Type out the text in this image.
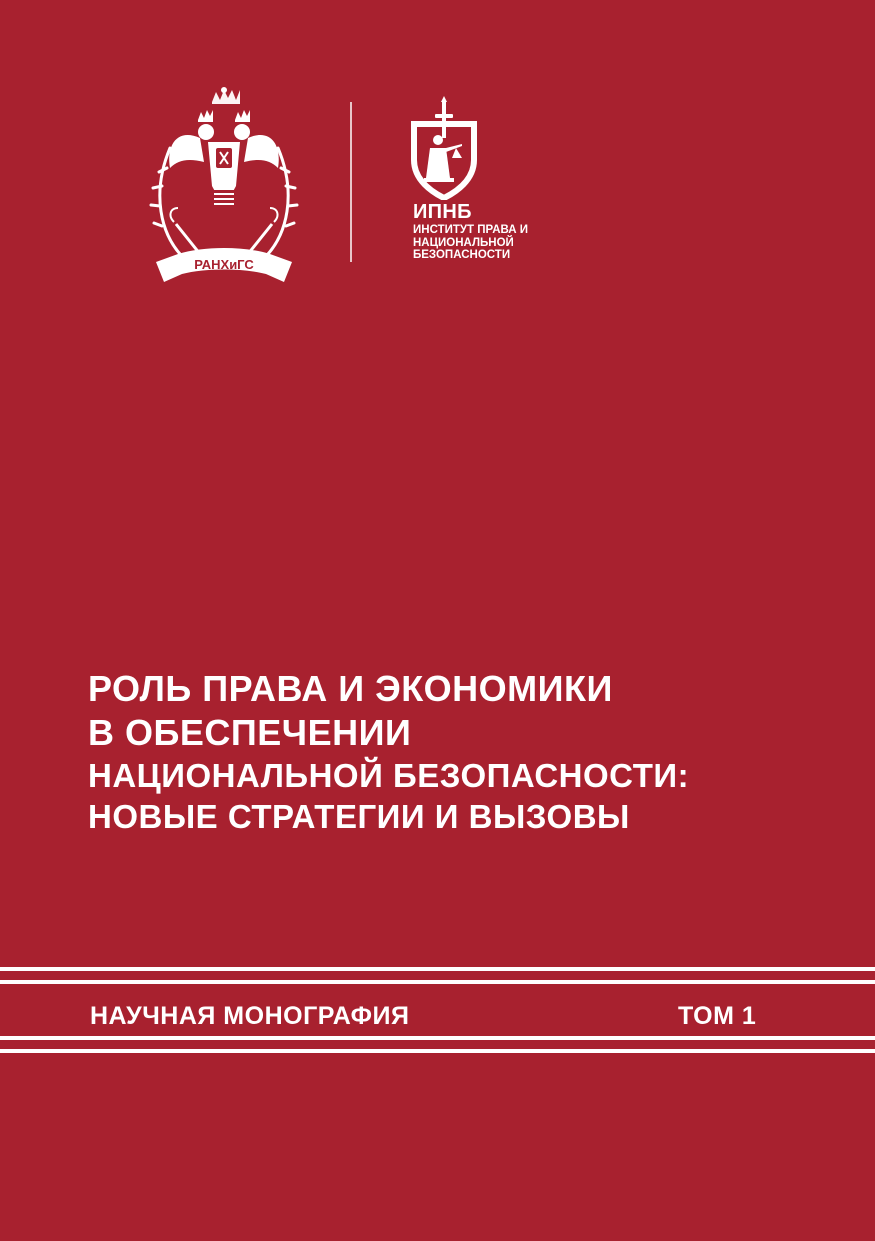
РАНХиГС
ИПНБ
ИНСТИТУТ ПРАВА И
НАЦИОНАЛЬНОЙ
БЕЗОПАСНОСТИ
РОЛЬ ПРАВА И ЭКОНОМИКИ
В ОБЕСПЕЧЕНИИ
НАЦИОНАЛЬНОЙ БЕЗОПАСНОСТИ:
НОВЫЕ СТРАТЕГИИ И ВЫЗОВЫ
НАУЧНАЯ МОНОГРАФИЯ	ТОМ 1
